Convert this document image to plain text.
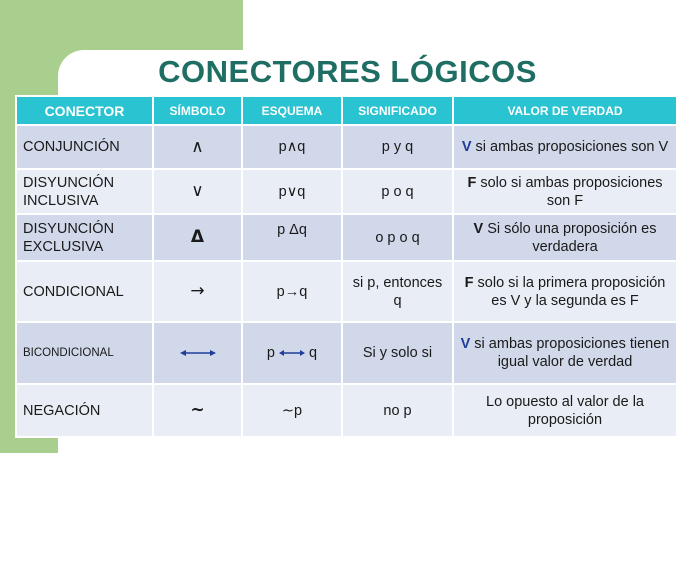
CONECTORES LÓGICOS
CONECTOR	SÍMBOLO	ESQUEMA	SIGNIFICADO	VALOR DE VERDAD
CONJUNCIÓN	∧	p∧q	p y q	V si ambas proposiciones son V
DISYUNCIÓN INCLUSIVA	∨	p∨q	p o q	F solo si ambas proposiciones son F
DISYUNCIÓN EXCLUSIVA	Δ	p Δq	o p o q	V Si sólo una proposición es verdadera
CONDICIONAL	→	p→q	si p, entonces q	F solo si la primera proposición es V y la segunda es F
BICONDICIONAL		p q	Si y solo si	V si ambas proposiciones tienen igual valor de verdad
NEGACIÓN	∼	∼p	no p	Lo opuesto al valor de la proposición
